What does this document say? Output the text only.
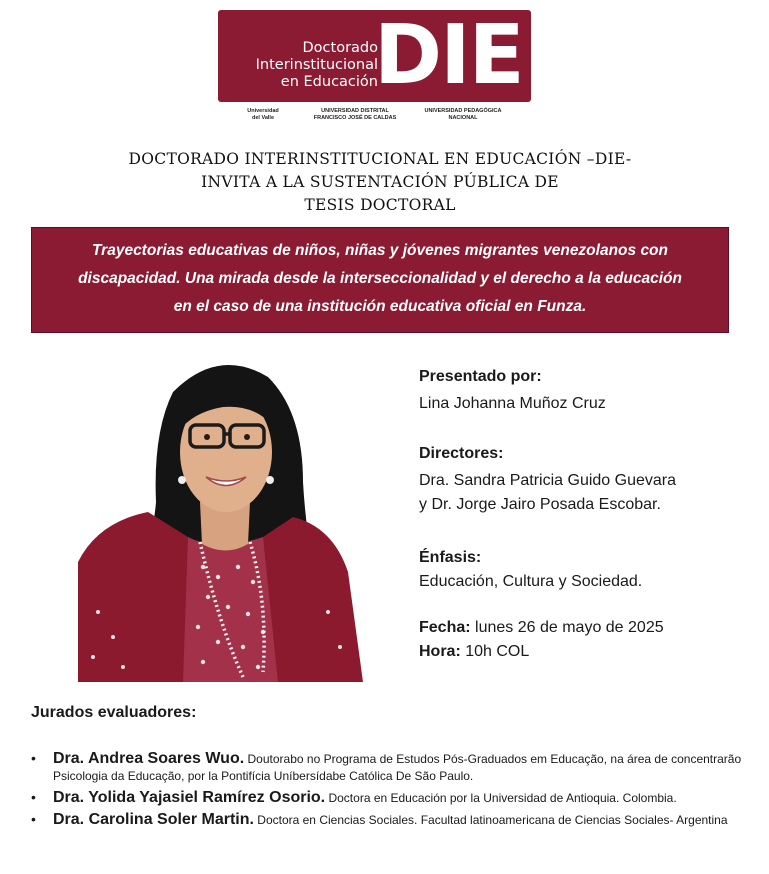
Doctorado
Interinstitucional
en Educación
DIE
Universidad
del Valle
UNIVERSIDAD DISTRITAL
FRANCISCO JOSÉ DE CALDAS
UNIVERSIDAD PEDAGÓGICA
NACIONAL
DOCTORADO INTERINSTITUCIONAL EN EDUCACIÓN –DIE-
INVITA A LA SUSTENTACIÓN PÚBLICA DE
TESIS DOCTORAL
Trayectorias educativas de niños, niñas y jóvenes migrantes venezolanos con
discapacidad. Una mirada desde la interseccionalidad y el derecho a la educación
en el caso de una institución educativa oficial en Funza.
Presentado por:
Lina Johanna Muñoz Cruz
Directores:
Dra. Sandra Patricia Guido Guevara
y Dr. Jorge Jairo Posada Escobar.
Énfasis:
Educación, Cultura y Sociedad.
Fecha: lunes 26 de mayo de 2025
Hora: 10h COL
Jurados evaluadores:
• Dra. Andrea Soares Wuo. Doutorabo no Programa de Estudos Pós-Graduados em Educação, na área de concentrarão Psicologia da Educação, por la Pontifícia Uníbersídabe Católica De São Paulo.
• Dra. Yolida Yajasiel Ramírez Osorio. Doctora en Educación por la Universidad de Antioquia. Colombia.
• Dra. Carolina Soler Martin. Doctora en Ciencias Sociales. Facultad latinoamericana de Ciencias Sociales- Argentina
